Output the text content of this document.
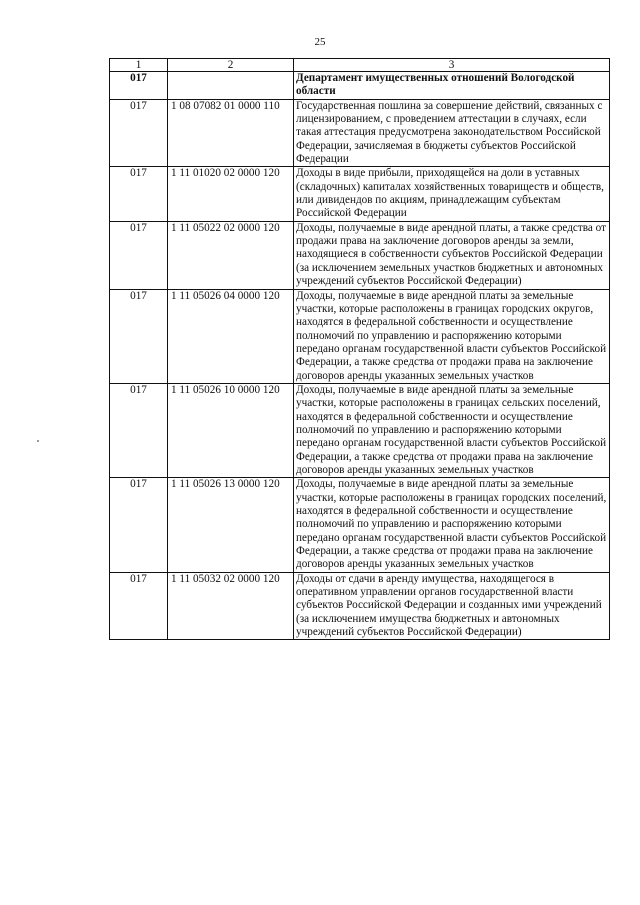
25
1	2	3
017		Департамент имущественных отношений Вологодской области
017	1 08 07082 01 0000 110	Государственная пошлина за совершение действий, связанных с лицензированием, с проведением аттестации в случаях, если такая аттестация предусмотрена законодательством Российской Федерации, зачисляемая в бюджеты субъектов Российской Федерации
017	1 11 01020 02 0000 120	Доходы в виде прибыли, приходящейся на доли в уставных (складочных) капиталах хозяйственных товариществ и обществ, или дивидендов по акциям, принадлежащим субъектам Российской Федерации
017	1 11 05022 02 0000 120	Доходы, получаемые в виде арендной платы, а также средства от продажи права на заключение договоров аренды за земли, находящиеся в собственности субъектов Российской Федерации (за исключением земельных участков бюджетных и автономных учреждений субъектов Российской Федерации)
017	1 11 05026 04 0000 120	Доходы, получаемые в виде арендной платы за земельные участки, которые расположены в границах городских округов, находятся в федеральной собственности и осуществление полномочий по управлению и распоряжению которыми передано органам государственной власти субъектов Российской Федерации, а также средства от продажи права на заключение договоров аренды указанных земельных участков
017	1 11 05026 10 0000 120	Доходы, получаемые в виде арендной платы за земельные участки, которые расположены в границах сельских поселений, находятся в федеральной собственности и осуществление полномочий по управлению и распоряжению которыми передано органам государственной власти субъектов Российской Федерации, а также средства от продажи права на заключение договоров аренды указанных земельных участков
017	1 11 05026 13 0000 120	Доходы, получаемые в виде арендной платы за земельные участки, которые расположены в границах городских поселений, находятся в федеральной собственности и осуществление полномочий по управлению и распоряжению которыми передано органам государственной власти субъектов Российской Федерации, а также средства от продажи права на заключение договоров аренды указанных земельных участков
017	1 11 05032 02 0000 120	Доходы от сдачи в аренду имущества, находящегося в оперативном управлении органов государственной власти субъектов Российской Федерации и созданных ими учреждений (за исключением имущества бюджетных и автономных учреждений субъектов Российской Федерации)
